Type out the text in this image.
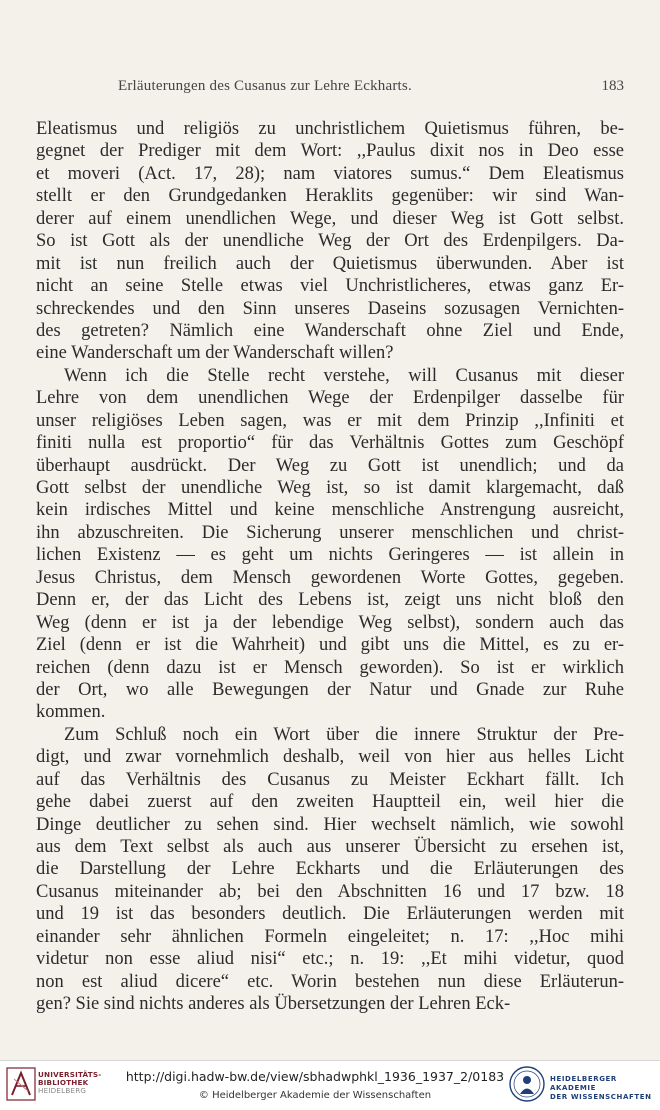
Erläuterungen des Cusanus zur Lehre Eckharts.	183
Eleatismus und religiös zu unchristlichem Quietismus führen, be-
gegnet der Prediger mit dem Wort: ,,Paulus dixit nos in Deo esse
et moveri (Act. 17, 28); nam viatores sumus.“ Dem Eleatismus
stellt er den Grundgedanken Heraklits gegenüber: wir sind Wan-
derer auf einem unendlichen Wege, und dieser Weg ist Gott selbst.
So ist Gott als der unendliche Weg der Ort des Erdenpilgers. Da-
mit ist nun freilich auch der Quietismus überwunden. Aber ist
nicht an seine Stelle etwas viel Unchristlicheres, etwas ganz Er-
schreckendes und den Sinn unseres Daseins sozusagen Vernichten-
des getreten? Nämlich eine Wanderschaft ohne Ziel und Ende,
eine Wanderschaft um der Wanderschaft willen?
Wenn ich die Stelle recht verstehe, will Cusanus mit dieser
Lehre von dem unendlichen Wege der Erdenpilger dasselbe für
unser religiöses Leben sagen, was er mit dem Prinzip ,,Infiniti et
finiti nulla est proportio“ für das Verhältnis Gottes zum Geschöpf
überhaupt ausdrückt. Der Weg zu Gott ist unendlich; und da
Gott selbst der unendliche Weg ist, so ist damit klargemacht, daß
kein irdisches Mittel und keine menschliche Anstrengung ausreicht,
ihn abzuschreiten. Die Sicherung unserer menschlichen und christ-
lichen Existenz — es geht um nichts Geringeres — ist allein in
Jesus Christus, dem Mensch gewordenen Worte Gottes, gegeben.
Denn er, der das Licht des Lebens ist, zeigt uns nicht bloß den
Weg (denn er ist ja der lebendige Weg selbst), sondern auch das
Ziel (denn er ist die Wahrheit) und gibt uns die Mittel, es zu er-
reichen (denn dazu ist er Mensch geworden). So ist er wirklich
der Ort, wo alle Bewegungen der Natur und Gnade zur Ruhe
kommen.
Zum Schluß noch ein Wort über die innere Struktur der Pre-
digt, und zwar vornehmlich deshalb, weil von hier aus helles Licht
auf das Verhältnis des Cusanus zu Meister Eckhart fällt. Ich
gehe dabei zuerst auf den zweiten Hauptteil ein, weil hier die
Dinge deutlicher zu sehen sind. Hier wechselt nämlich, wie sowohl
aus dem Text selbst als auch aus unserer Übersicht zu ersehen ist,
die Darstellung der Lehre Eckharts und die Erläuterungen des
Cusanus miteinander ab; bei den Abschnitten 16 und 17 bzw. 18
und 19 ist das besonders deutlich. Die Erläuterungen werden mit
einander sehr ähnlichen Formeln eingeleitet; n. 17: ,,Hoc mihi
videtur non esse aliud nisi“ etc.; n. 19: ,,Et mihi videtur, quod
non est aliud dicere“ etc. Worin bestehen nun diese Erläuterun-
gen? Sie sind nichts anderes als Übersetzungen der Lehren Eck-
UNIVERSITÄTS-
BIBLIOTHEK
HEIDELBERG
http://digi.hadw-bw.de/view/sbhadwphkl_1936_1937_2/0183
© Heidelberger Akademie der Wissenschaften
HEIDELBERGER AKADEMIE
DER WISSENSCHAFTEN
